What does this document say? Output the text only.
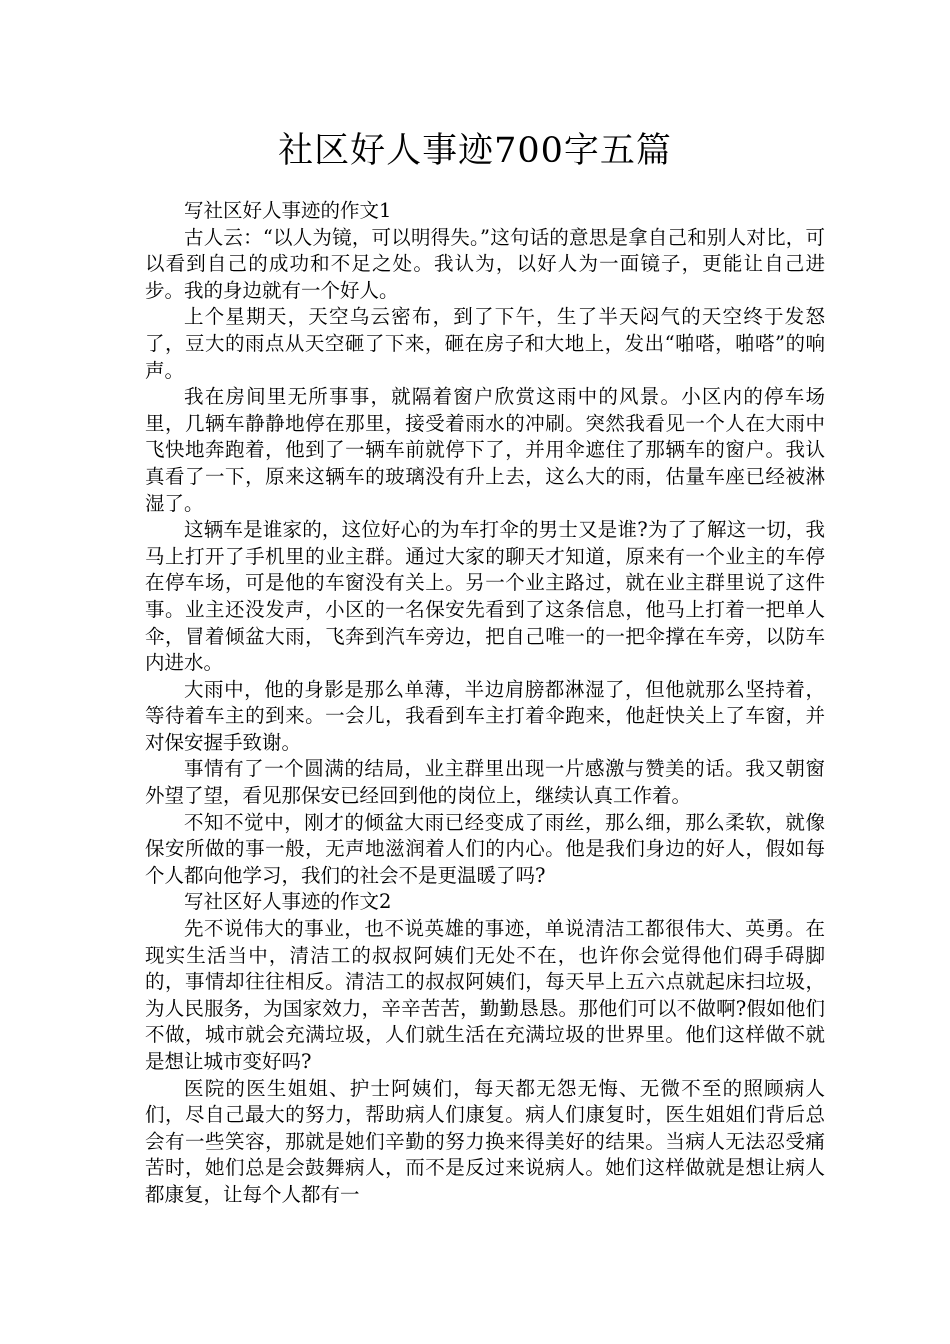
社区好人事迹700字五篇

写社区好人事迹的作文1

古人云：“以人为镜，可以明得失。”这句话的意思是拿自己和别人对比，可以看到自己的成功和不足之处。我认为，以好人为一面镜子，更能让自己进步。我的身边就有一个好人。

上个星期天，天空乌云密布，到了下午，生了半天闷气的天空终于发怒了，豆大的雨点从天空砸了下来，砸在房子和大地上，发出“啪嗒，啪嗒”的响声。

我在房间里无所事事，就隔着窗户欣赏这雨中的风景。小区内的停车场里，几辆车静静地停在那里，接受着雨水的冲刷。突然我看见一个人在大雨中飞快地奔跑着，他到了一辆车前就停下了，并用伞遮住了那辆车的窗户。我认真看了一下，原来这辆车的玻璃没有升上去，这么大的雨，估量车座已经被淋湿了。

这辆车是谁家的，这位好心的为车打伞的男士又是谁?为了了解这一切，我马上打开了手机里的业主群。通过大家的聊天才知道，原来有一个业主的车停在停车场，可是他的车窗没有关上。另一个业主路过，就在业主群里说了这件事。业主还没发声，小区的一名保安先看到了这条信息，他马上打着一把单人伞，冒着倾盆大雨，飞奔到汽车旁边，把自己唯一的一把伞撑在车旁，以防车内进水。

大雨中，他的身影是那么单薄，半边肩膀都淋湿了，但他就那么坚持着，等待着车主的到来。一会儿，我看到车主打着伞跑来，他赶快关上了车窗，并对保安握手致谢。

事情有了一个圆满的结局，业主群里出现一片感激与赞美的话。我又朝窗外望了望，看见那保安已经回到他的岗位上，继续认真工作着。

不知不觉中，刚才的倾盆大雨已经变成了雨丝，那么细，那么柔软，就像保安所做的事一般，无声地滋润着人们的内心。他是我们身边的好人，假如每个人都向他学习，我们的社会不是更温暖了吗?

写社区好人事迹的作文2

先不说伟大的事业，也不说英雄的事迹，单说清洁工都很伟大、英勇。在现实生活当中，清洁工的叔叔阿姨们无处不在，也许你会觉得他们碍手碍脚的，事情却往往相反。清洁工的叔叔阿姨们，每天早上五六点就起床扫垃圾，为人民服务，为国家效力，辛辛苦苦，勤勤恳恳。那他们可以不做啊?假如他们不做，城市就会充满垃圾，人们就生活在充满垃圾的世界里。他们这样做不就是想让城市变好吗?

医院的医生姐姐、护士阿姨们，每天都无怨无悔、无微不至的照顾病人们，尽自己最大的努力，帮助病人们康复。病人们康复时，医生姐姐们背后总会有一些笑容，那就是她们辛勤的努力换来得美好的结果。当病人无法忍受痛苦时，她们总是会鼓舞病人，而不是反过来说病人。她们这样做就是想让病人都康复，让每个人都有一
